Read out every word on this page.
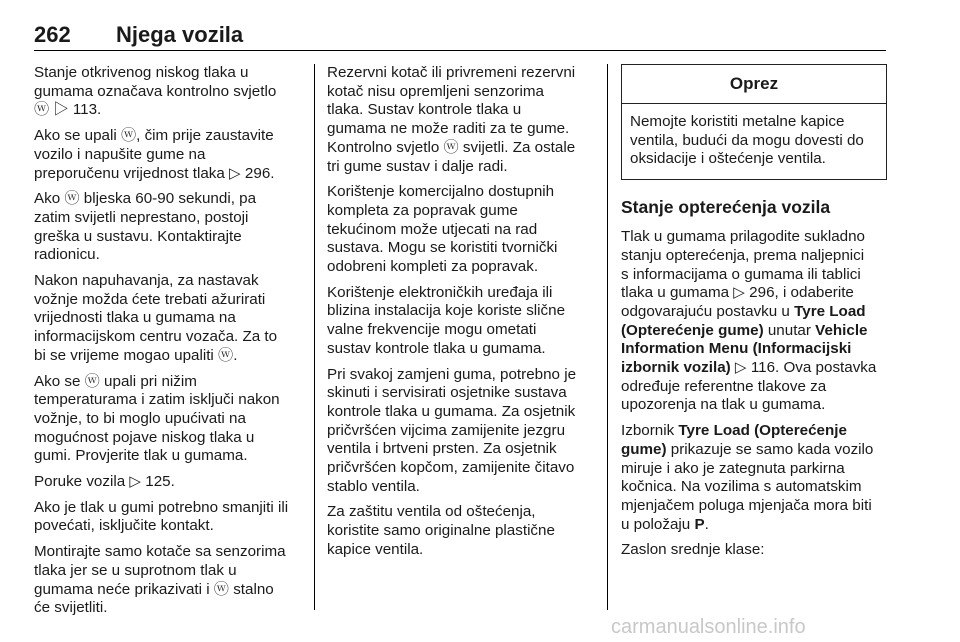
262 Njega vozila

Stanje otkrivenog niskog tlaka u
gumama označava kontrolno svjetlo
ⓦ ▷ 113.

Ako se upali ⓦ, čim prije zaustavite
vozilo i napušite gume na
preporučenu vrijednost tlaka ▷ 296.

Ako ⓦ bljeska 60-90 sekundi, pa
zatim svijetli neprestano, postoji
greška u sustavu. Kontaktirajte
radionicu.

Nakon napuhavanja, za nastavak
vožnje možda ćete trebati ažurirati
vrijednosti tlaka u gumama na
informacijskom centru vozača. Za to
bi se vrijeme mogao upaliti ⓦ.

Ako se ⓦ upali pri nižim
temperaturama i zatim isključi nakon
vožnje, to bi moglo upućivati na
mogućnost pojave niskog tlaka u
gumi. Provjerite tlak u gumama.

Poruke vozila ▷ 125.

Ako je tlak u gumi potrebno smanjiti ili
povećati, isključite kontakt.

Montirajte samo kotače sa senzorima
tlaka jer se u suprotnom tlak u
gumama neće prikazivati i ⓦ stalno
će svijetliti.

Rezervni kotač ili privremeni rezervni
kotač nisu opremljeni senzorima
tlaka. Sustav kontrole tlaka u
gumama ne može raditi za te gume.
Kontrolno svjetlo ⓦ svijetli. Za ostale
tri gume sustav i dalje radi.

Korištenje komercijalno dostupnih
kompleta za popravak gume
tekućinom može utjecati na rad
sustava. Mogu se koristiti tvornički
odobreni kompleti za popravak.

Korištenje elektroničkih uređaja ili
blizina instalacija koje koriste slične
valne frekvencije mogu ometati
sustav kontrole tlaka u gumama.

Pri svakoj zamjeni guma, potrebno je
skinuti i servisirati osjetnike sustava
kontrole tlaka u gumama. Za osjetnik
pričvršćen vijcima zamijenite jezgru
ventila i brtveni prsten. Za osjetnik
pričvršćen kopčom, zamijenite čitavo
stablo ventila.

Za zaštitu ventila od oštećenja,
koristite samo originalne plastične
kapice ventila.

Oprez
Nemojte koristiti metalne kapice
ventila, budući da mogu dovesti do
oksidacije i oštećenje ventila.
Stanje opterećenja vozila

Tlak u gumama prilagodite sukladno
stanju opterećenja, prema naljepnici
s informacijama o gumama ili tablici
tlaka u gumama ▷ 296, i odaberite
odgovarajuću postavku u Tyre Load
(Opterećenje gume) unutar Vehicle
Information Menu (Informacijski
izbornik vozila) ▷ 116. Ova postavka
određuje referentne tlakove za
upozorenja na tlak u gumama.

Izbornik Tyre Load (Opterećenje
gume) prikazuje se samo kada vozilo
miruje i ako je zategnuta parkirna
kočnica. Na vozilima s automatskim
mjenjačem poluga mjenjača mora biti
u položaju P.

Zaslon srednje klase:

carmanualsonline.info
